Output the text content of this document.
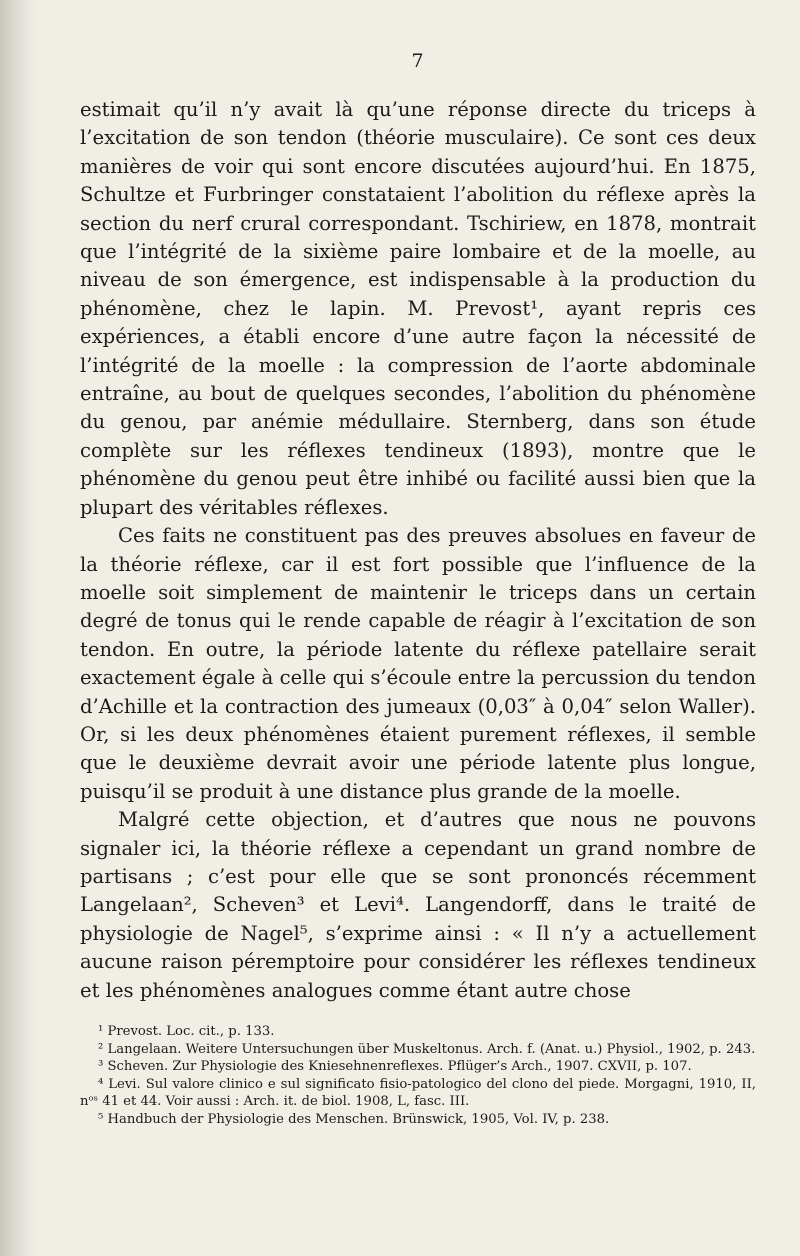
7

estimait qu’il n’y avait là qu’une réponse directe du triceps à l’excitation de son tendon (théorie musculaire). Ce sont ces deux manières de voir qui sont encore discutées aujourd’hui. En 1875, Schultze et Furbringer constataient l’abolition du réflexe après la section du nerf crural correspondant. Tschiriew, en 1878, montrait que l’intégrité de la sixième paire lombaire et de la moelle, au niveau de son émergence, est indispensable à la production du phénomène, chez le lapin. M. Prevost¹, ayant repris ces expériences, a établi encore d’une autre façon la nécessité de l’intégrité de la moelle : la compression de l’aorte abdominale entraîne, au bout de quelques secondes, l’abolition du phénomène du genou, par anémie médullaire. Sternberg, dans son étude complète sur les réflexes tendineux (1893), montre que le phénomène du genou peut être inhibé ou facilité aussi bien que la plupart des véritables réflexes.

Ces faits ne constituent pas des preuves absolues en faveur de la théorie réflexe, car il est fort possible que l’influence de la moelle soit simplement de maintenir le triceps dans un certain degré de tonus qui le rende capable de réagir à l’excitation de son tendon. En outre, la période latente du réflexe patellaire serait exactement égale à celle qui s’écoule entre la percussion du tendon d’Achille et la contraction des jumeaux (0,03″ à 0,04″ selon Waller). Or, si les deux phénomènes étaient purement réflexes, il semble que le deuxième devrait avoir une période latente plus longue, puisqu’il se produit à une distance plus grande de la moelle.

Malgré cette objection, et d’autres que nous ne pouvons signaler ici, la théorie réflexe a cependant un grand nombre de partisans ; c’est pour elle que se sont prononcés récemment Langelaan², Scheven³ et Levi⁴. Langendorff, dans le traité de physiologie de Nagel⁵, s’exprime ainsi : « Il n’y a actuellement aucune raison péremptoire pour considérer les réflexes tendineux et les phénomènes analogues comme étant autre chose

¹ Prevost. Loc. cit., p. 133.

² Langelaan. Weitere Untersuchungen über Muskeltonus. Arch. f. (Anat. u.) Physiol., 1902, p. 243.

³ Scheven. Zur Physiologie des Kniesehnenreflexes. Pflüger’s Arch., 1907. CXVII, p. 107.

⁴ Levi. Sul valore clinico e sul significato fisio-patologico del clono del piede. Morgagni, 1910, II, nᵒˢ 41 et 44. Voir aussi : Arch. it. de biol. 1908, L, fasc. III.

⁵ Handbuch der Physiologie des Menschen. Brünswick, 1905, Vol. IV, p. 238.
